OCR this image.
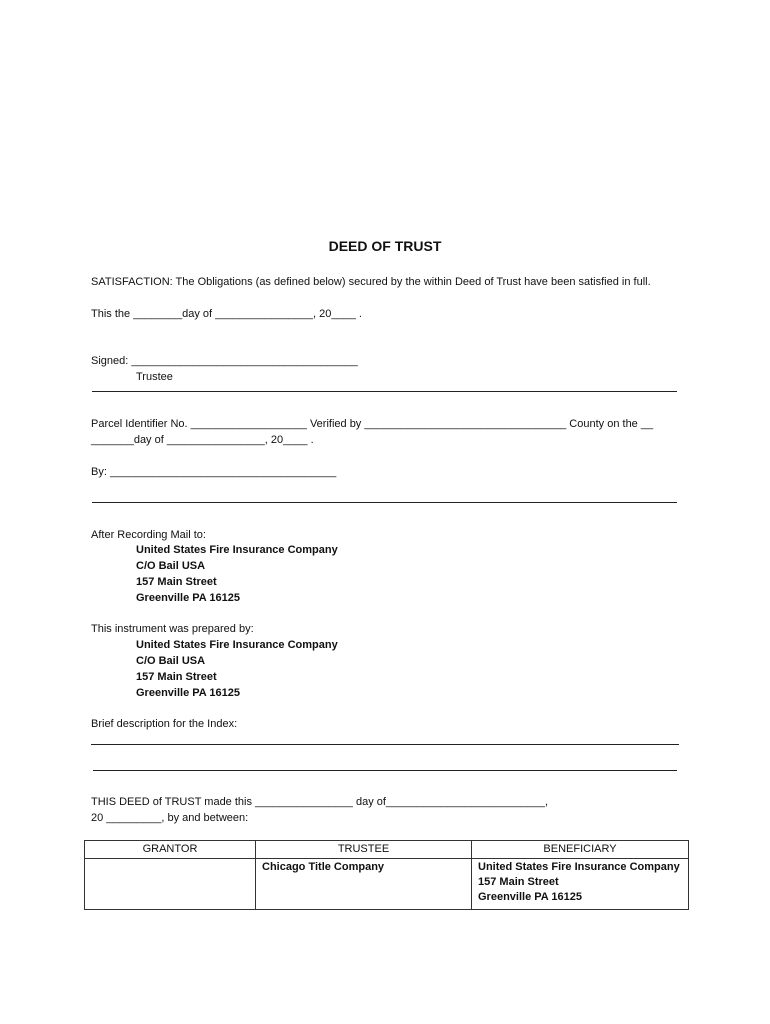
DEED OF TRUST
SATISFACTION: The Obligations (as defined below) secured by the within Deed of Trust have been satisfied in full.
This the ________day of ________________, 20____ .
Signed: _____________________________________
Trustee
Parcel Identifier No. ___________________ Verified by _________________________________ County on the __
_______day of ________________, 20____ .
By: _____________________________________
After Recording Mail to:
United States Fire Insurance Company
C/O Bail USA
157 Main Street
Greenville PA 16125
This instrument was prepared by:
United States Fire Insurance Company
C/O Bail USA
157 Main Street
Greenville PA 16125
Brief description for the Index:
THIS DEED of TRUST made this ________________ day of__________________________,
20 _________, by and between:
GRANTOR	TRUSTEE	BENEFICIARY
	Chicago Title Company	United States Fire Insurance Company
157 Main Street
Greenville PA 16125
